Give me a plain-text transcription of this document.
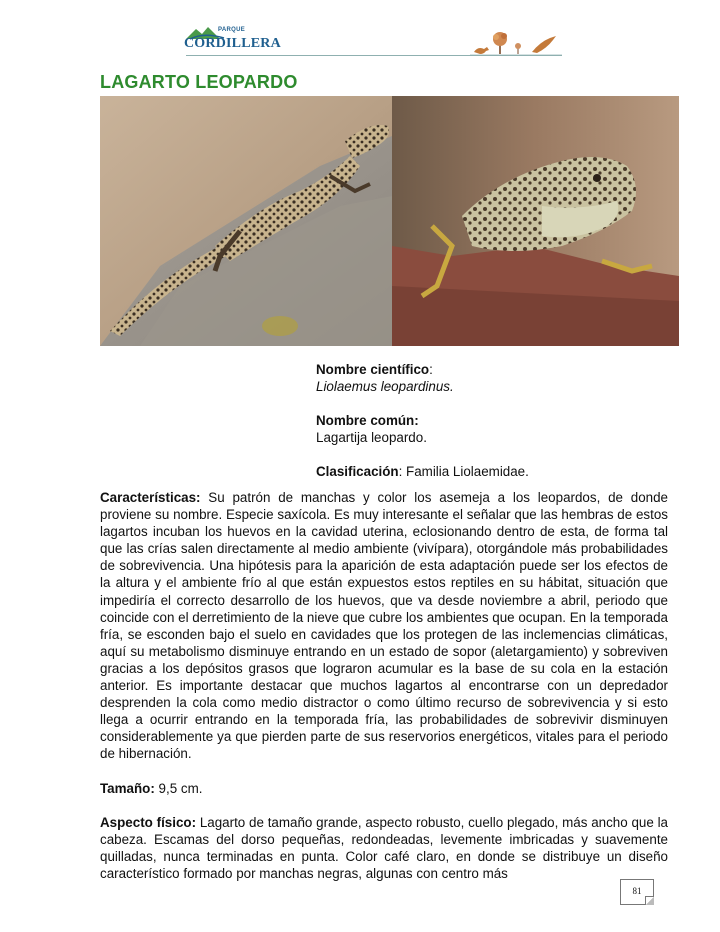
PARQUE
CORDILLERA
LAGARTO LEOPARDO

Nombre científico:

Liolaemus leopardinus.

Nombre común:

Lagartija leopardo.

Clasificación: Familia Liolaemidae.

Características: Su patrón de manchas y color los asemeja a los leopardos, de donde proviene su nombre. Especie saxícola. Es muy interesante el señalar que las hembras de estos lagartos incuban los huevos en la cavidad uterina, eclosionando dentro de esta, de forma tal que las crías salen directamente al medio ambiente (vivípara), otorgándole más probabilidades de sobrevivencia. Una hipótesis para la aparición de esta adaptación puede ser los efectos de la altura y el ambiente frío al que están expuestos estos reptiles en su hábitat, situación que impediría el correcto desarrollo de los huevos, que va desde noviembre a abril, periodo que coincide con el derretimiento de la nieve que cubre los ambientes que ocupan. En la temporada fría, se esconden bajo el suelo en cavidades que los protegen de las inclemencias climáticas, aquí su metabolismo disminuye entrando en un estado de sopor (aletargamiento) y sobreviven gracias a los depósitos grasos que lograron acumular es la base de su cola en la estación anterior. Es importante destacar que muchos lagartos al encontrarse con un depredador desprenden la cola como medio distractor o como último recurso de sobrevivencia y si esto llega a ocurrir entrando en la temporada fría, las probabilidades de sobrevivir disminuyen considerablemente ya que pierden parte de sus reservorios energéticos, vitales para el periodo de hibernación.

Tamaño: 9,5 cm.

Aspecto físico: Lagarto de tamaño grande, aspecto robusto, cuello plegado, más ancho que la cabeza. Escamas del dorso pequeñas, redondeadas, levemente imbricadas y suavemente quilladas, nunca terminadas en punta. Color café claro, en donde se distribuye un diseño característico formado por manchas negras, algunas con centro más

81
